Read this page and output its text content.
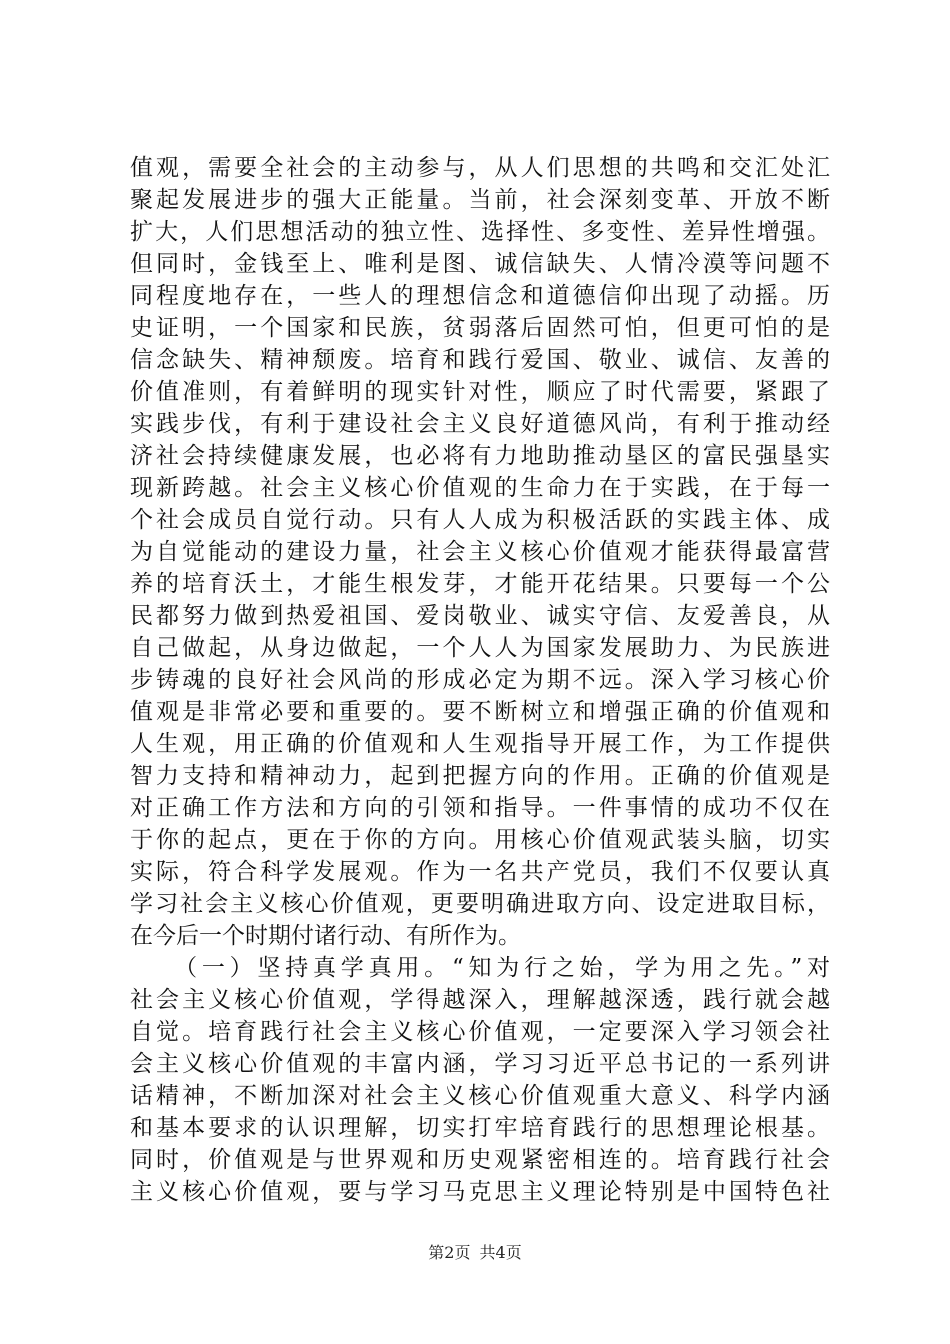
值观，需要全社会的主动参与，从人们思想的共鸣和交汇处汇
聚起发展进步的强大正能量。当前，社会深刻变革、开放不断
扩大，人们思想活动的独立性、选择性、多变性、差异性增强。
但同时，金钱至上、唯利是图、诚信缺失、人情冷漠等问题不
同程度地存在，一些人的理想信念和道德信仰出现了动摇。历
史证明，一个国家和民族，贫弱落后固然可怕，但更可怕的是
信念缺失、精神颓废。培育和践行爱国、敬业、诚信、友善的
价值准则，有着鲜明的现实针对性，顺应了时代需要，紧跟了
实践步伐，有利于建设社会主义良好道德风尚，有利于推动经
济社会持续健康发展，也必将有力地助推动垦区的富民强垦实
现新跨越。社会主义核心价值观的生命力在于实践，在于每一
个社会成员自觉行动。只有人人成为积极活跃的实践主体、成
为自觉能动的建设力量，社会主义核心价值观才能获得最富营
养的培育沃土，才能生根发芽，才能开花结果。只要每一个公
民都努力做到热爱祖国、爱岗敬业、诚实守信、友爱善良，从
自己做起，从身边做起，一个人人为国家发展助力、为民族进
步铸魂的良好社会风尚的形成必定为期不远。深入学习核心价
值观是非常必要和重要的。要不断树立和增强正确的价值观和
人生观，用正确的价值观和人生观指导开展工作，为工作提供
智力支持和精神动力，起到把握方向的作用。正确的价值观是
对正确工作方法和方向的引领和指导。一件事情的成功不仅在
于你的起点，更在于你的方向。用核心价值观武装头脑，切实
实际，符合科学发展观。作为一名共产党员，我们不仅要认真
学习社会主义核心价值观，更要明确进取方向、设定进取目标，
在今后一个时期付诸行动、有所作为。
　　（一）坚持真学真用。“知为行之始，学为用之先。”对
社会主义核心价值观，学得越深入，理解越深透，践行就会越
自觉。培育践行社会主义核心价值观，一定要深入学习领会社
会主义核心价值观的丰富内涵，学习习近平总书记的一系列讲
话精神，不断加深对社会主义核心价值观重大意义、科学内涵
和基本要求的认识理解，切实打牢培育践行的思想理论根基。
同时，价值观是与世界观和历史观紧密相连的。培育践行社会
主义核心价值观，要与学习马克思主义理论特别是中国特色社
第2页 共4页
